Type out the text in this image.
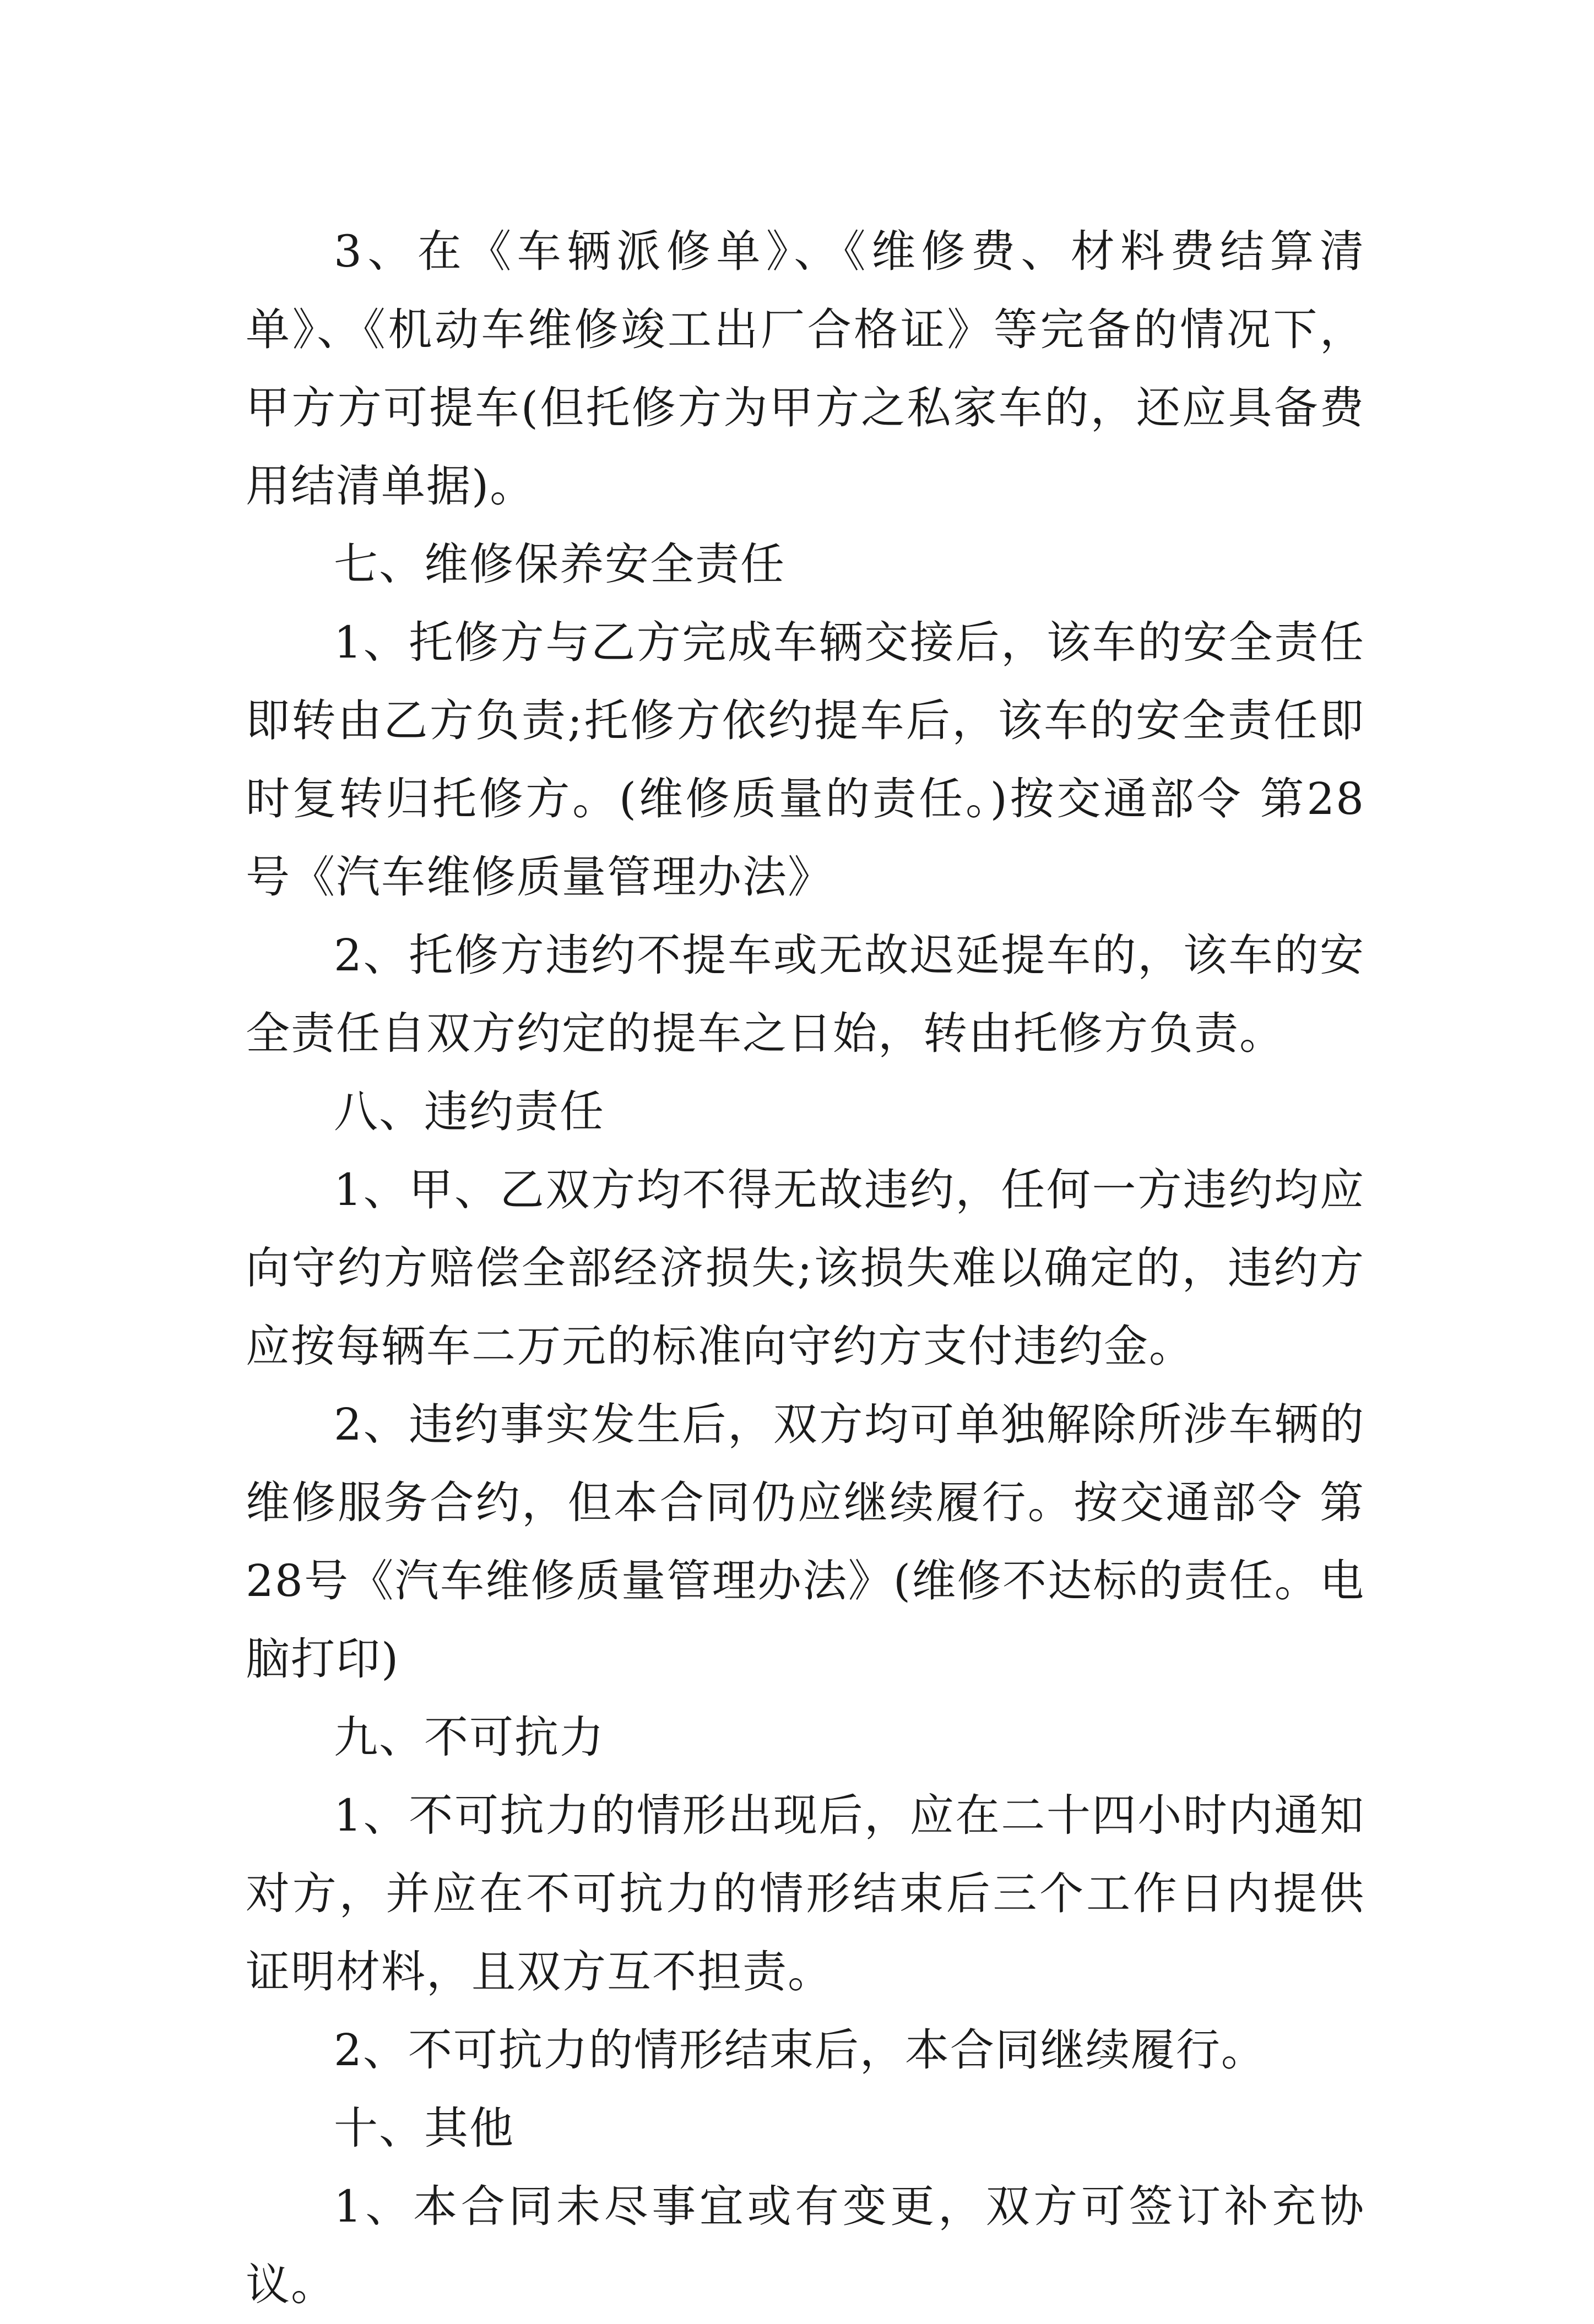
3、在《车辆派修单》、《维修费、材料费结算清单》、《机动车维修竣工出厂合格证》等完备的情况下，甲方方可提车(但托修方为甲方之私家车的，还应具备费用结清单据)。

七、维修保养安全责任

1、托修方与乙方完成车辆交接后，该车的安全责任即转由乙方负责;托修方依约提车后，该车的安全责任即时复转归托修方。(维修质量的责任。)按交通部令 第28号《汽车维修质量管理办法》

2、托修方违约不提车或无故迟延提车的，该车的安全责任自双方约定的提车之日始，转由托修方负责。

八、违约责任

1、甲、乙双方均不得无故违约，任何一方违约均应向守约方赔偿全部经济损失;该损失难以确定的，违约方应按每辆车二万元的标准向守约方支付违约金。

2、违约事实发生后，双方均可单独解除所涉车辆的维修服务合约，但本合同仍应继续履行。按交通部令 第28号《汽车维修质量管理办法》(维修不达标的责任。电脑打印)

九、不可抗力

1、不可抗力的情形出现后，应在二十四小时内通知对方，并应在不可抗力的情形结束后三个工作日内提供证明材料，且双方互不担责。

2、不可抗力的情形结束后，本合同继续履行。

十、其他

1、本合同未尽事宜或有变更，双方可签订补充协议。
